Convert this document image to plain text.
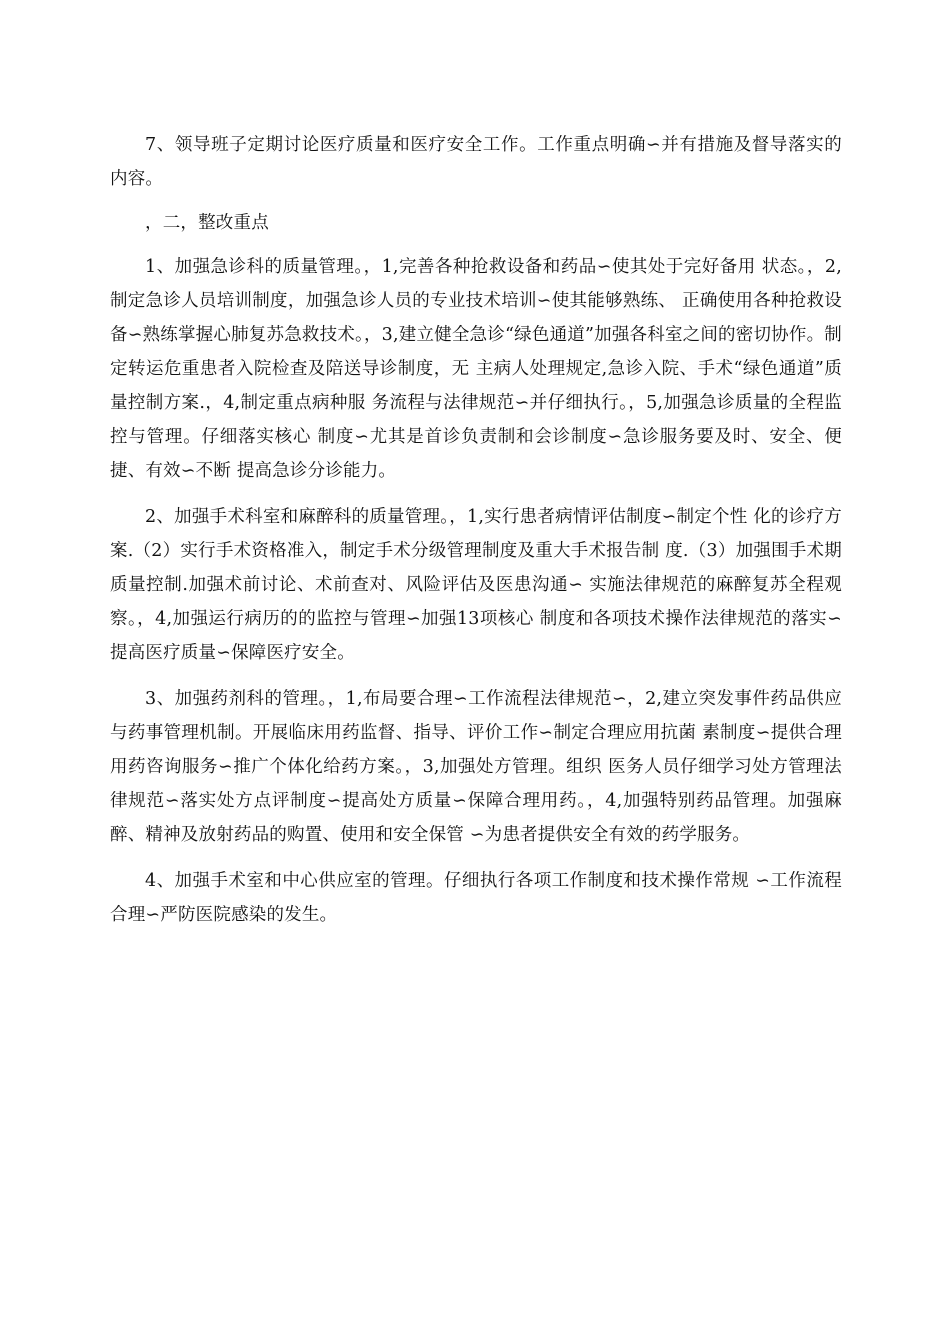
7、领导班子定期讨论医疗质量和医疗安全工作。工作重点明确∽并有措施及督导落实的内容。

，二，整改重点

1、加强急诊科的质量管理。，1,完善各种抢救设备和药品∽使其处于完好备用 状态。，2,制定急诊人员培训制度，加强急诊人员的专业技术培训∽使其能够熟练、 正确使用各种抢救设备∽熟练掌握心肺复苏急救技术。，3,建立健全急诊“绿色通道”加强各科室之间的密切协作。制定转运危重患者入院检查及陪送导诊制度，无 主病人处理规定,急诊入院、手术“绿色通道”质量控制方案.，4,制定重点病种服 务流程与法律规范∽并仔细执行。，5,加强急诊质量的全程监控与管理。仔细落实核心 制度∽尤其是首诊负责制和会诊制度∽急诊服务要及时、安全、便捷、有效∽不断 提高急诊分诊能力。

2、加强手术科室和麻醉科的质量管理。，1,实行患者病情评估制度∽制定个性 化的诊疗方案.（2）实行手术资格准入，制定手术分级管理制度及重大手术报告制 度.（3）加强围手术期质量控制.加强术前讨论、术前查对、风险评估及医患沟通∽ 实施法律规范的麻醉复苏全程观察。，4,加强运行病历的的监控与管理∽加强13项核心 制度和各项技术操作法律规范的落实∽提高医疗质量∽保障医疗安全。

3、加强药剂科的管理。，1,布局要合理∽工作流程法律规范∽，2,建立突发事件药品供应与药事管理机制。开展临床用药监督、指导、评价工作∽制定合理应用抗菌 素制度∽提供合理用药咨询服务∽推广个体化给药方案。，3,加强处方管理。组织 医务人员仔细学习处方管理法律规范∽落实处方点评制度∽提高处方质量∽保障合理用药。，4,加强特别药品管理。加强麻醉、精神及放射药品的购置、使用和安全保管 ∽为患者提供安全有效的药学服务。

4、加强手术室和中心供应室的管理。仔细执行各项工作制度和技术操作常规 ∽工作流程合理∽严防医院感染的发生。
